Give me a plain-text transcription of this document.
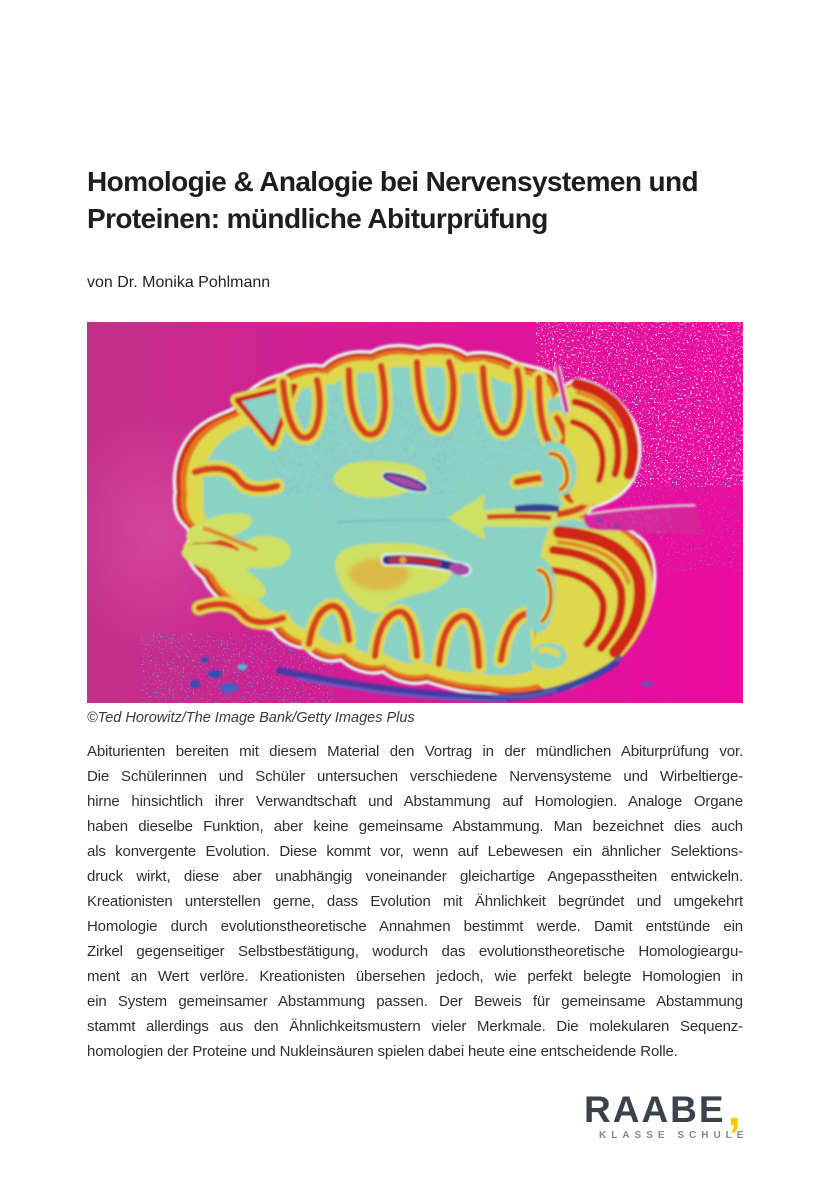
Homologie & Analogie bei Nervensystemen und
Proteinen: mündliche Abiturprüfung
von Dr. Monika Pohlmann
©Ted Horowitz/The Image Bank/Getty Images Plus
Abiturienten bereiten mit diesem Material den Vortrag in der mündlichen Abiturprüfung vor.
Die Schülerinnen und Schüler untersuchen verschiedene Nervensysteme und Wirbeltierge-
hirne hinsichtlich ihrer Verwandtschaft und Abstammung auf Homologien. Analoge Organe
haben dieselbe Funktion, aber keine gemeinsame Abstammung. Man bezeichnet dies auch
als konvergente Evolution. Diese kommt vor, wenn auf Lebewesen ein ähnlicher Selektions-
druck wirkt, diese aber unabhängig voneinander gleichartige Angepasstheiten entwickeln.
Kreationisten unterstellen gerne, dass Evolution mit Ähnlichkeit begründet und umgekehrt
Homologie durch evolutionstheoretische Annahmen bestimmt werde. Damit entstünde ein
Zirkel gegenseitiger Selbstbestätigung, wodurch das evolutionstheoretische Homologieargu-
ment an Wert verlöre. Kreationisten übersehen jedoch, wie perfekt belegte Homologien in
ein System gemeinsamer Abstammung passen. Der Beweis für gemeinsame Abstammung
stammt allerdings aus den Ähnlichkeitsmustern vieler Merkmale. Die molekularen Sequenz-
homologien der Proteine und Nukleinsäuren spielen dabei heute eine entscheidende Rolle.
RAABE ,
KLASSE SCHULE
